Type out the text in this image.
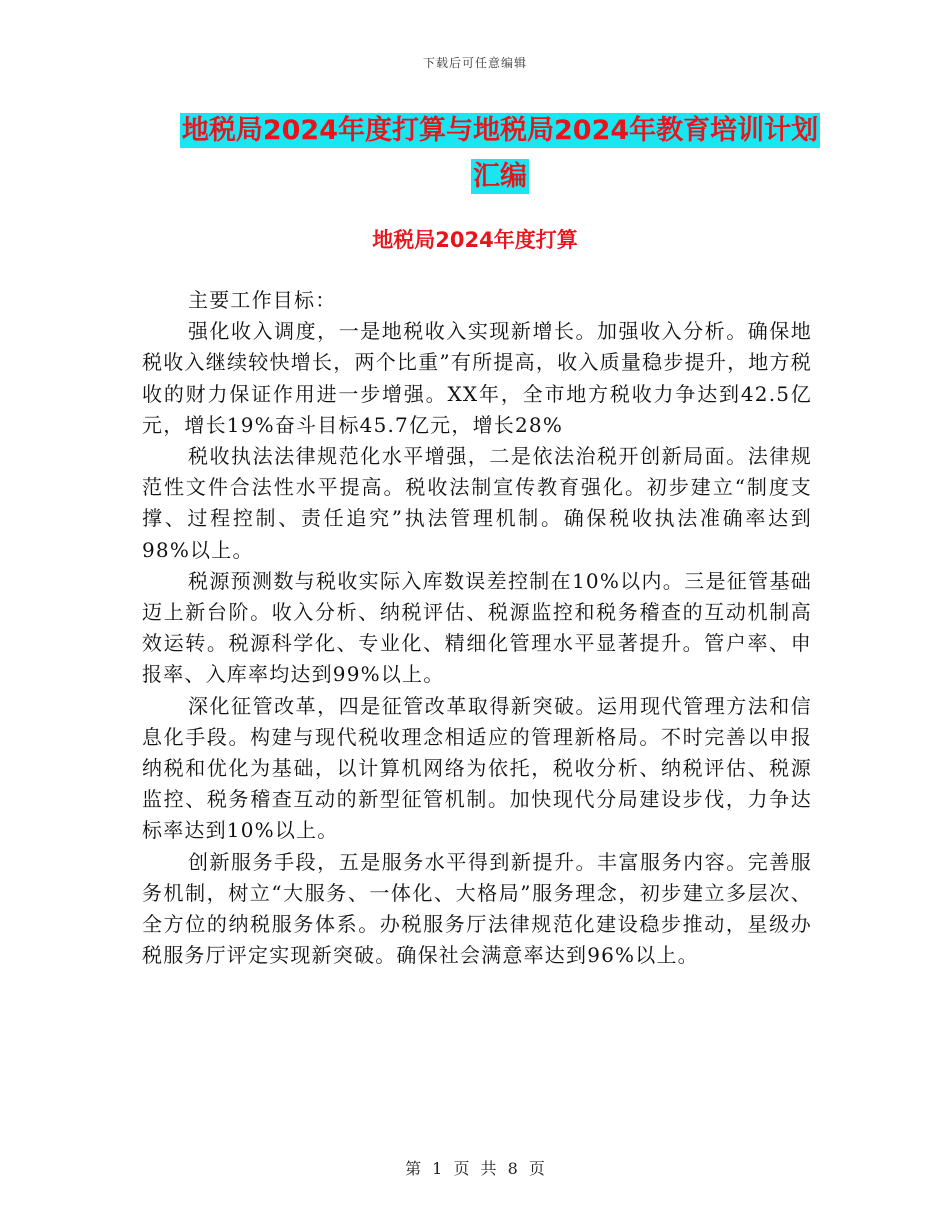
下载后可任意编辑
地税局2024年度打算与地税局2024年教育培训计划
汇编
地税局2024年度打算

主要工作目标：

强化收入调度，一是地税收入实现新增长。加强收入分析。确保地税收入继续较快增长，两个比重”有所提高，收入质量稳步提升，地方税收的财力保证作用进一步增强。XX年，全市地方税收力争达到42.5亿元，增长19%奋斗目标45.7亿元，增长28%

税收执法法律规范化水平增强，二是依法治税开创新局面。法律规范性文件合法性水平提高。税收法制宣传教育强化。初步建立“制度支撑、过程控制、责任追究”执法管理机制。确保税收执法准确率达到98%以上。

税源预测数与税收实际入库数误差控制在10%以内。三是征管基础迈上新台阶。收入分析、纳税评估、税源监控和税务稽查的互动机制高效运转。税源科学化、专业化、精细化管理水平显著提升。管户率、申报率、入库率均达到99%以上。

深化征管改革，四是征管改革取得新突破。运用现代管理方法和信息化手段。构建与现代税收理念相适应的管理新格局。不时完善以申报纳税和优化为基础，以计算机网络为依托，税收分析、纳税评估、税源监控、税务稽查互动的新型征管机制。加快现代分局建设步伐，力争达标率达到10%以上。

创新服务手段，五是服务水平得到新提升。丰富服务内容。完善服务机制，树立“大服务、一体化、大格局”服务理念，初步建立多层次、全方位的纳税服务体系。办税服务厅法律规范化建设稳步推动，星级办税服务厅评定实现新突破。确保社会满意率达到96%以上。

第 1 页 共 8 页
